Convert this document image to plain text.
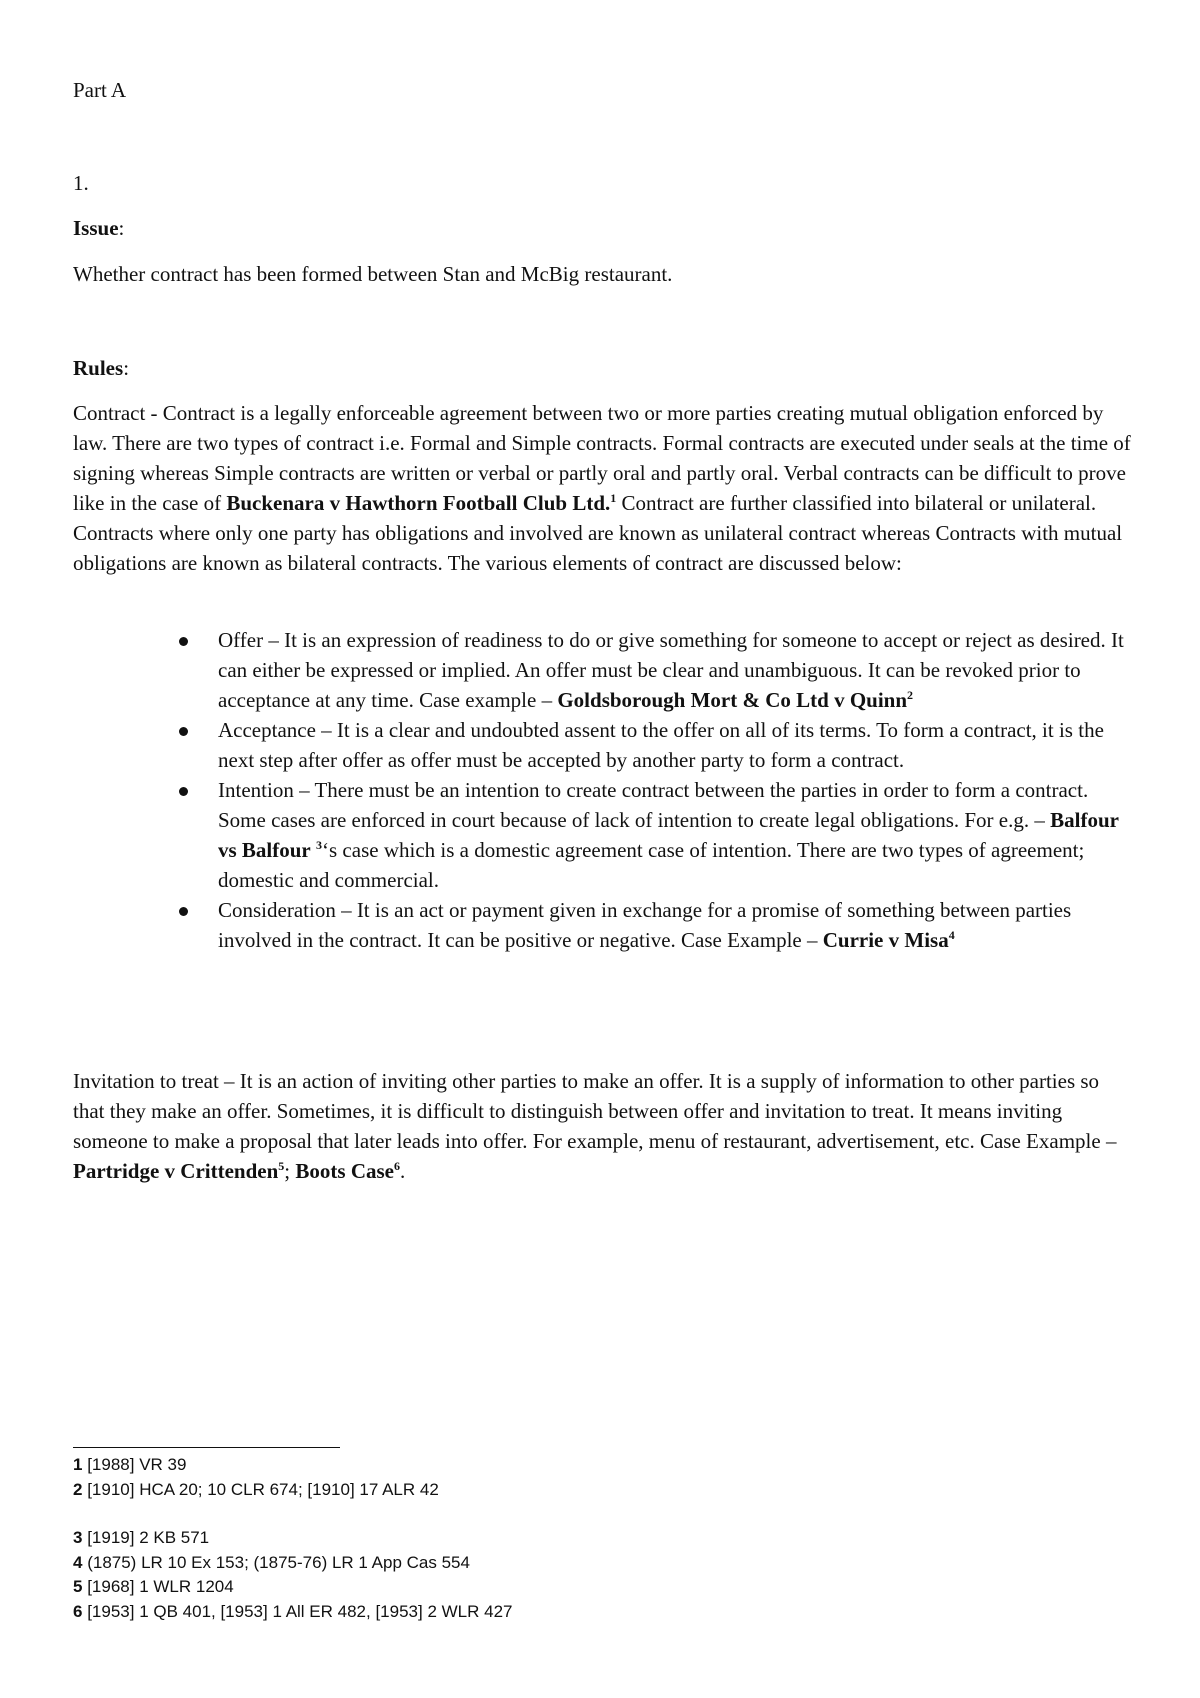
Part A

1.

Issue:

Whether contract has been formed between Stan and McBig restaurant.

Rules:

Contract - Contract is a legally enforceable agreement between two or more parties creating mutual obligation enforced by law. There are two types of contract i.e. Formal and Simple contracts. Formal contracts are executed under seals at the time of signing whereas Simple contracts are written or verbal or partly oral and partly oral. Verbal contracts can be difficult to prove like in the case of Buckenara v Hawthorn Football Club Ltd.$^1$ Contract are further classified into bilateral or unilateral. Contracts where only one party has obligations and involved are known as unilateral contract whereas Contracts with mutual obligations are known as bilateral contracts. The various elements of contract are discussed below:

Offer – It is an expression of readiness to do or give something for someone to accept or reject as desired. It can either be expressed or implied. An offer must be clear and unambiguous. It can be revoked prior to acceptance at any time. Case example – Goldsborough Mort & Co Ltd v Quinn$^2$
Acceptance – It is a clear and undoubted assent to the offer on all of its terms. To form a contract, it is the next step after offer as offer must be accepted by another party to form a contract.
Intention – There must be an intention to create contract between the parties in order to form a contract. Some cases are enforced in court because of lack of intention to create legal obligations. For e.g. – Balfour vs Balfour $^3$‘s case which is a domestic agreement case of intention. There are two types of agreement; domestic and commercial.
Consideration – It is an act or payment given in exchange for a promise of something between parties involved in the contract. It can be positive or negative. Case Example – Currie v Misa$^4$

Invitation to treat – It is an action of inviting other parties to make an offer. It is a supply of information to other parties so that they make an offer. Sometimes, it is difficult to distinguish between offer and invitation to treat. It means inviting someone to make a proposal that later leads into offer. For example, menu of restaurant, advertisement, etc. Case Example – Partridge v Crittenden$^5$; Boots Case$^6$.

1 [1988] VR 39
2 [1910] HCA 20; 10 CLR 674; [1910] 17 ALR 42
3 [1919] 2 KB 571
4 (1875) LR 10 Ex 153; (1875-76) LR 1 App Cas 554
5 [1968] 1 WLR 1204
6 [1953] 1 QB 401, [1953] 1 All ER 482, [1953] 2 WLR 427
